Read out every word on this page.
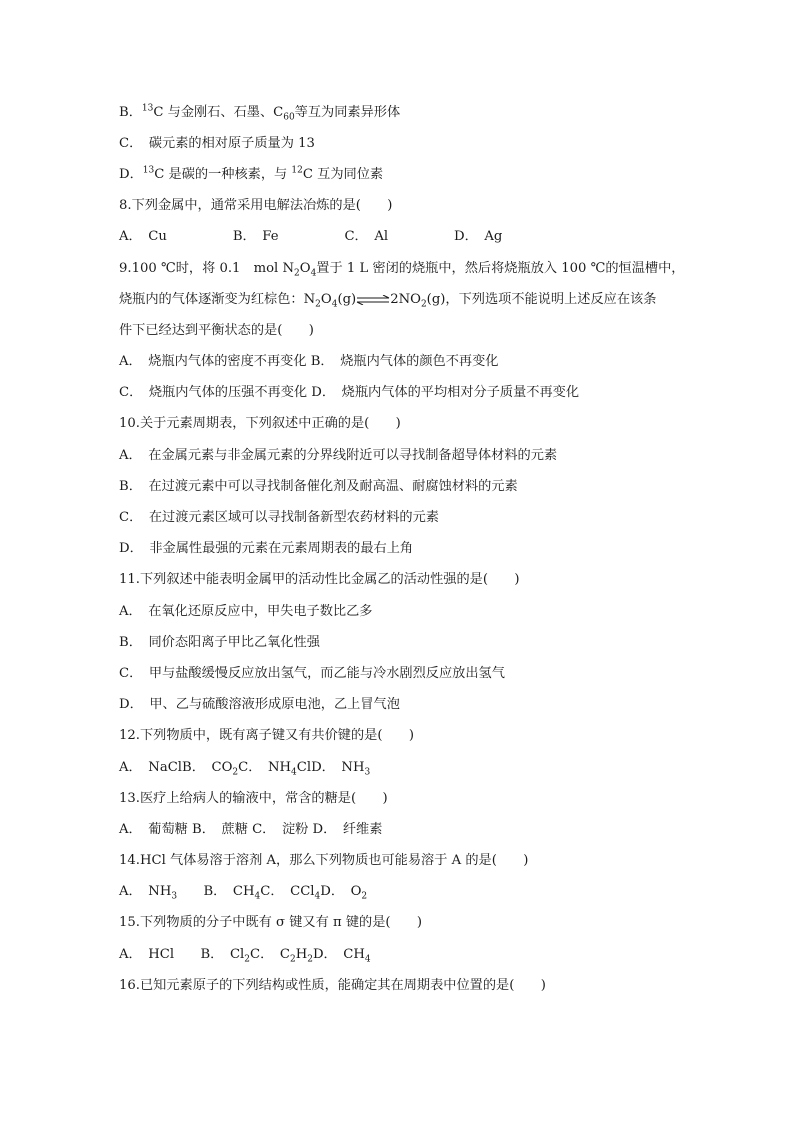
B．$^{13}$C 与金刚石、石墨、$C_{60}$等互为同素异形体
C．　碳元素的相对原子质量为 13
D．$^{13}$C 是碳的一种核素，与 $^{12}$C 互为同位素
8.下列金属中，通常采用电解法冶炼的是(　　)
A．　Cu　　　　　B．　Fe　　　　　C．　Al　　　　　D．　Ag
9.100 ℃时，将 0.1　mol $N_2O_4$置于 1 L 密闭的烧瓶中，然后将烧瓶放入 100 ℃的恒温槽中，
烧瓶内的气体逐渐变为红棕色：$N_2O_4(g)\rightleftharpoons 2NO_2(g)$，下列选项不能说明上述反应在该条
件下已经达到平衡状态的是(　　)
A．　烧瓶内气体的密度不再变化 B．　烧瓶内气体的颜色不再变化
C．　烧瓶内气体的压强不再变化 D．　烧瓶内气体的平均相对分子质量不再变化
10.关于元素周期表，下列叙述中正确的是(　　)
A．　在金属元素与非金属元素的分界线附近可以寻找制备超导体材料的元素
B．　在过渡元素中可以寻找制备催化剂及耐高温、耐腐蚀材料的元素
C．　在过渡元素区域可以寻找制备新型农药材料的元素
D．　非金属性最强的元素在元素周期表的最右上角
11.下列叙述中能表明金属甲的活动性比金属乙的活动性强的是(　　)
A．　在氧化还原反应中，甲失电子数比乙多
B．　同价态阳离子甲比乙氧化性强
C．　甲与盐酸缓慢反应放出氢气，而乙能与冷水剧烈反应放出氢气
D．　甲、乙与硫酸溶液形成原电池，乙上冒气泡
12.下列物质中，既有离子键又有共价键的是(　　)
A．　NaClB．　$CO_2C$．　$NH_4ClD$．　$NH_3$
13.医疗上给病人的输液中，常含的糖是(　　)
A．　葡萄糖 B．　蔗糖 C．　淀粉 D．　纤维素
14.HCl 气体易溶于溶剂 A，那么下列物质也可能易溶于 A 的是(　　)
A．　$NH_3$　　B．　$CH_4C$．　CCl$_4$D．　$O_2$
15.下列物质的分子中既有 σ 键又有 π 键的是(　　)
A．　HCl　　B．　$Cl_2C$．　$C_2H_2D$．　$CH_4$
16.已知元素原子的下列结构或性质，能确定其在周期表中位置的是(　　)
